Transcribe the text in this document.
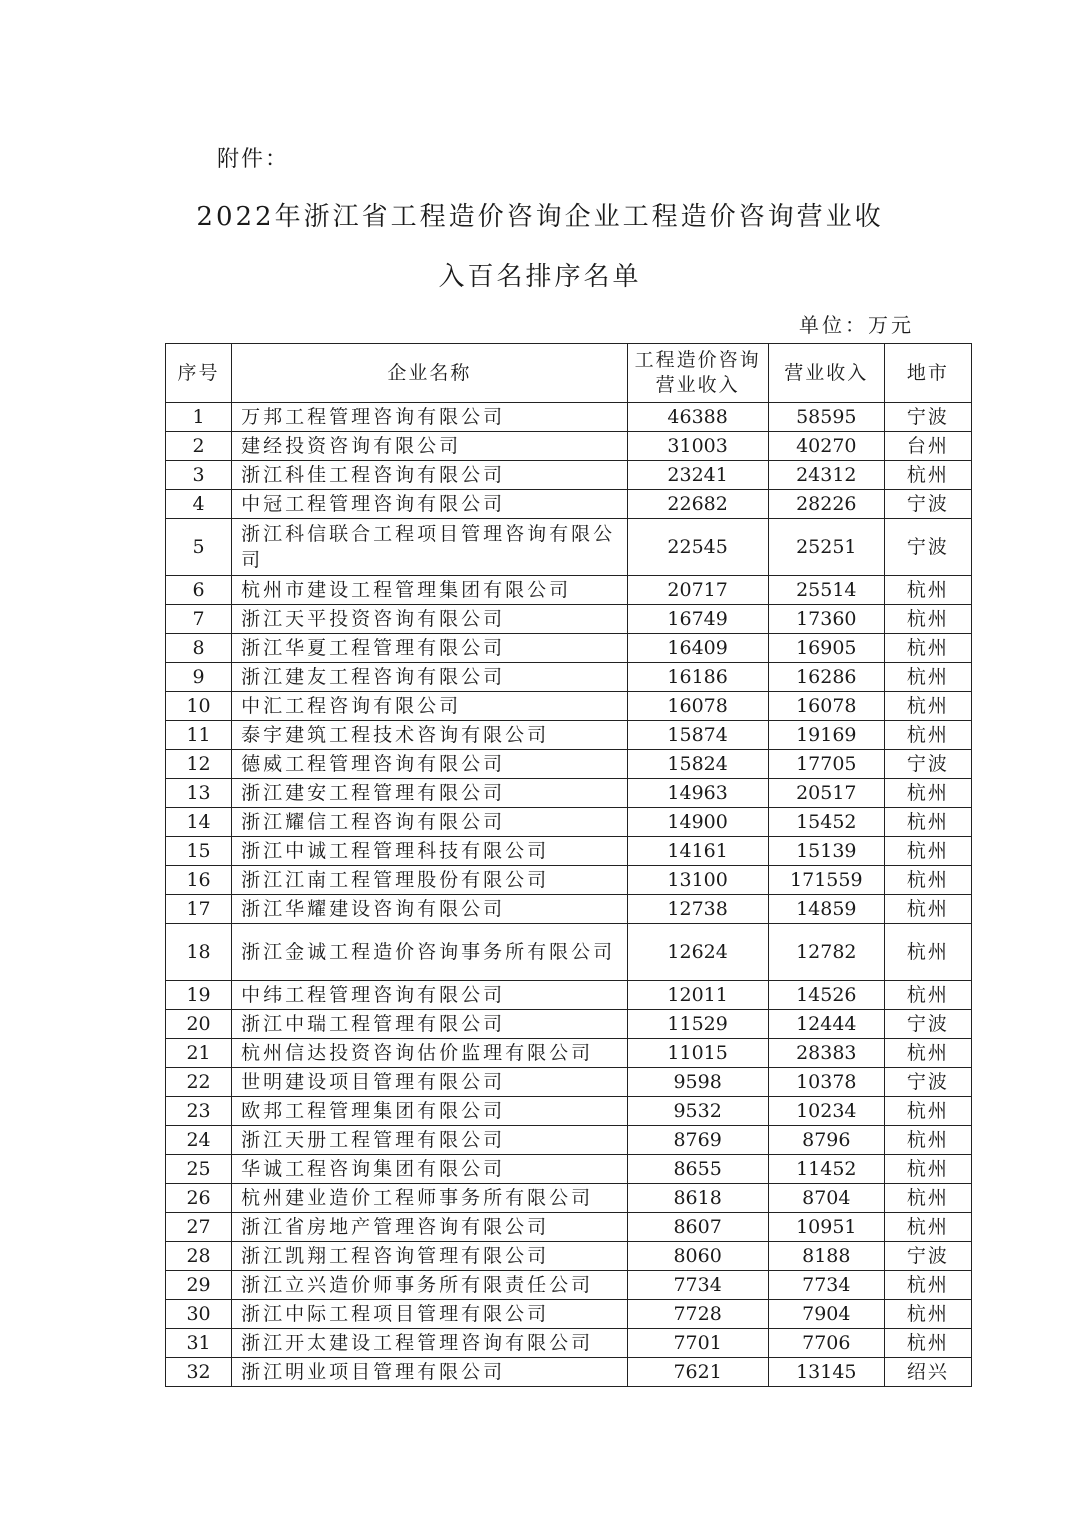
附件：
2022年浙江省工程造价咨询企业工程造价咨询营业收
入百名排序名单
单位：万元
序号	企业名称	工程造价咨询营业收入	营业收入	地市
1	万邦工程管理咨询有限公司	46388	58595	宁波
2	建经投资咨询有限公司	31003	40270	台州
3	浙江科佳工程咨询有限公司	23241	24312	杭州
4	中冠工程管理咨询有限公司	22682	28226	宁波
5	浙江科信联合工程项目管理咨询有限公司	22545	25251	宁波
6	杭州市建设工程管理集团有限公司	20717	25514	杭州
7	浙江天平投资咨询有限公司	16749	17360	杭州
8	浙江华夏工程管理有限公司	16409	16905	杭州
9	浙江建友工程咨询有限公司	16186	16286	杭州
10	中汇工程咨询有限公司	16078	16078	杭州
11	泰宇建筑工程技术咨询有限公司	15874	19169	杭州
12	德威工程管理咨询有限公司	15824	17705	宁波
13	浙江建安工程管理有限公司	14963	20517	杭州
14	浙江耀信工程咨询有限公司	14900	15452	杭州
15	浙江中诚工程管理科技有限公司	14161	15139	杭州
16	浙江江南工程管理股份有限公司	13100	171559	杭州
17	浙江华耀建设咨询有限公司	12738	14859	杭州
18	浙江金诚工程造价咨询事务所有限公司	12624	12782	杭州
19	中纬工程管理咨询有限公司	12011	14526	杭州
20	浙江中瑞工程管理有限公司	11529	12444	宁波
21	杭州信达投资咨询估价监理有限公司	11015	28383	杭州
22	世明建设项目管理有限公司	9598	10378	宁波
23	欧邦工程管理集团有限公司	9532	10234	杭州
24	浙江天册工程管理有限公司	8769	8796	杭州
25	华诚工程咨询集团有限公司	8655	11452	杭州
26	杭州建业造价工程师事务所有限公司	8618	8704	杭州
27	浙江省房地产管理咨询有限公司	8607	10951	杭州
28	浙江凯翔工程咨询管理有限公司	8060	8188	宁波
29	浙江立兴造价师事务所有限责任公司	7734	7734	杭州
30	浙江中际工程项目管理有限公司	7728	7904	杭州
31	浙江开太建设工程管理咨询有限公司	7701	7706	杭州
32	浙江明业项目管理有限公司	7621	13145	绍兴
